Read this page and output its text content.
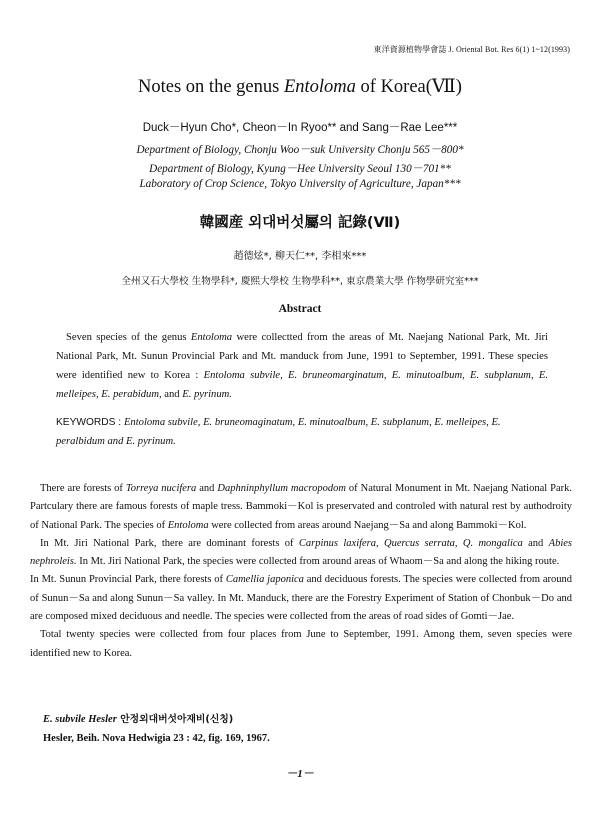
東洋資源植物學會誌 J. Oriental Bot. Res 6(1) 1~12(1993)
Notes on the genus Entoloma of Korea(Ⅶ)
Duck－Hyun Cho*, Cheon－In Ryoo** and Sang－Rae Lee***
Department of Biology, Chonju Woo－suk University Chonju 565－800*
Department of Biology, Kyung－Hee University Seoul 130－701**
Laboratory of Crop Science, Tokyo University of Agriculture, Japan***
韓國産 외대버섯屬의 記錄(Ⅶ)
趙德炫*, 柳天仁**, 李相來***
全州又石大學校 生物學科*, 慶熙大學校 生物學科**, 東京農業大學 作物學研究室***
Abstract
Seven species of the genus Entoloma were collectted from the areas of Mt. Naejang National Park, Mt. Jiri National Park, Mt. Sunun Provincial Park and Mt. manduck from June, 1991 to September, 1991. These species were identified new to Korea : Entoloma subvile, E. bruneomarginatum, E. minutoalbum, E. subplanum, E. melleipes, E. perabidum, and E. pyrinum.
KEYWORDS : Entoloma subvile, E. bruneomaginatum, E. minutoalbum, E. subplanum, E. melleipes, E. peralbidum and E. pyrinum.

There are forests of Torreya nucifera and Daphninphyllum macropodom of Natural Monument in Mt. Naejang National Park. Partculary there are famous forests of maple tress. Bammoki－Kol is preservated and controled with natural rest by authodroity of National Park. The species of Entoloma were collected from areas around Naejang－Sa and along Bammoki－Kol.

In Mt. Jiri National Park, there are dominant forests of Carpinus laxifera, Quercus serrata, Q. mongalica and Abies nephroleis. In Mt. Jiri National Park, the species were collected from around areas of Whaom－Sa and along the hiking route.

In Mt. Sunun Provincial Park, there forests of Camellia japonica and deciduous forests. The species were collected from around of Sunun－Sa and along Sunun－Sa valley. In Mt. Manduck, there are the Forestry Experiment of Station of Chonbuk－Do and are composed mixed deciduous and needle. The species were collected from the areas of road sides of Gomti－Jae.

Total twenty species were collected from four places from June to September, 1991. Among them, seven species were identified new to Korea.

E. subvile Hesler 안정외대버섯아재비(신칭)
Hesler, Beih. Nova Hedwigia 23 : 42, fig. 169, 1967.
－1－
